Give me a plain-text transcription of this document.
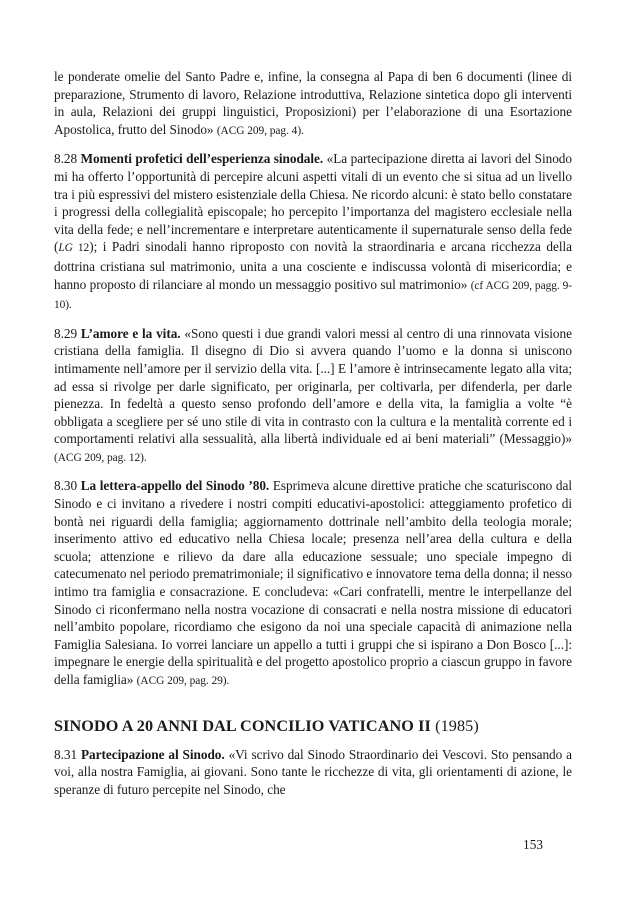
le ponderate omelie del Santo Padre e, infine, la consegna al Papa di ben 6 documenti (linee di preparazione, Strumento di lavoro, Relazione introduttiva, Relazione sintetica dopo gli interventi in aula, Relazioni dei gruppi linguistici, Proposizioni) per l’elaborazione di una Esortazione Apostolica, frutto del Sinodo» (ACG 209, pag. 4).

8.28 Momenti profetici dell’esperienza sinodale. «La partecipazione diretta ai lavori del Sinodo mi ha offerto l’opportunità di percepire alcuni aspetti vitali di un evento che si situa ad un livello tra i più espressivi del mistero esistenziale della Chiesa. Ne ricordo alcuni: è stato bello constatare i progressi della collegialità episcopale; ho percepito l’importanza del magistero ecclesiale nella vita della fede; e nell’incrementare e interpretare autenticamente il supernaturale senso della fede (LG 12); i Padri sinodali hanno riproposto con novità la straordinaria e arcana ricchezza della dottrina cristiana sul matrimonio, unita a una cosciente e indiscussa volontà di misericordia; e hanno proposto di rilanciare al mondo un messaggio positivo sul matrimonio» (cf ACG 209, pagg. 9-10).

8.29 L’amore e la vita. «Sono questi i due grandi valori messi al centro di una rinnovata visione cristiana della famiglia. Il disegno di Dio si avvera quando l’uomo e la donna si uniscono intimamente nell’amore per il servizio della vita. [...] E l’amore è intrinsecamente legato alla vita; ad essa si rivolge per darle significato, per originarla, per coltivarla, per difenderla, per darle pienezza. In fedeltà a questo senso profondo dell’amore e della vita, la famiglia a volte “è obbligata a scegliere per sé uno stile di vita in contrasto con la cultura e la mentalità corrente ed i comportamenti relativi alla sessualità, alla libertà individuale ed ai beni materiali” (Messaggio)» (ACG 209, pag. 12).

8.30 La lettera-appello del Sinodo ’80. Esprimeva alcune direttive pratiche che scaturiscono dal Sinodo e ci invitano a rivedere i nostri compiti educativi-apostolici: atteggiamento profetico di bontà nei riguardi della famiglia; aggiornamento dottrinale nell’ambito della teologia morale; inserimento attivo ed educativo nella Chiesa locale; presenza nell’area della cultura e della scuola; attenzione e rilievo da dare alla educazione sessuale; uno speciale impegno di catecumenato nel periodo prematrimoniale; il significativo e innovatore tema della donna; il nesso intimo tra famiglia e consacrazione. E concludeva: «Cari confratelli, mentre le interpellanze del Sinodo ci riconfermano nella nostra vocazione di consacrati e nella nostra missione di educatori nell’ambito popolare, ricordiamo che esigono da noi una speciale capacità di animazione nella Famiglia Salesiana. Io vorrei lanciare un appello a tutti i gruppi che si ispirano a Don Bosco [...]: impegnare le energie della spiritualità e del progetto apostolico proprio a ciascun gruppo in favore della famiglia» (ACG 209, pag. 29).

SINODO A 20 ANNI DAL CONCILIO VATICANO II (1985)

8.31 Partecipazione al Sinodo. «Vi scrivo dal Sinodo Straordinario dei Vescovi. Sto pensando a voi, alla nostra Famiglia, ai giovani. Sono tante le ricchezze di vita, gli orientamenti di azione, le speranze di futuro percepite nel Sinodo, che

153
